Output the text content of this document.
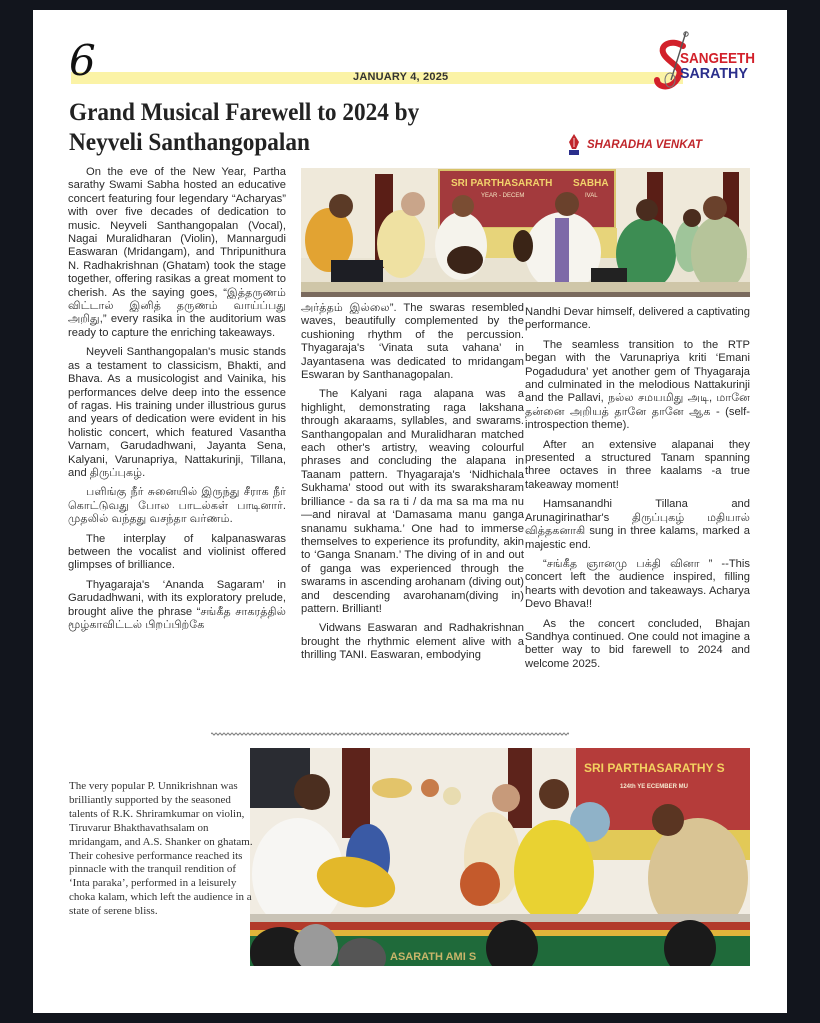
6	JANUARY 4, 2025
SANGEETH
SARATHY
Grand Musical Farewell to 2024 by Neyveli Santhangopalan	SHARADHA VENKAT
SRI PARTHASARATH SABHA
YEAR - DECEM	IVAL

On the eve of the New Year, Partha sarathy Swami Sabha hosted an educative concert featuring four legendary “Acharyas” with over five decades of dedication to music. Neyveli Santhangopalan (Vocal), Nagai Muralidharan (Violin), Mannargudi Easwaran (Mridangam), and Thripunithura N. Radhakrishnan (Ghatam) took the stage together, offering rasikas a great moment to cherish. As the saying goes, “இத்தருணம் விட்டால் இனித் தருணம் வாய்ப்பது அறிது,” every rasika in the auditorium was ready to capture the enriching takeaways.

Neyveli Santhangopalan's music stands as a testament to classicism, Bhakti, and Bhava. As a musicologist and Vainika, his performances delve deep into the essence of ragas. His training under illustrious gurus and years of dedication were evident in his holistic concert, which featured Vasantha Varnam, Garudadhwani, Jayanta Sena, Kalyani, Varunapriya, Nattakurinji, Tillana, and திருப்புகழ்.

பளிங்கு நீர் சுனையில் இருந்து சீராக நீர் கொட்டுவது போல பாடல்கள் பாடினார். முதலில் வந்தது வசந்தா வர்ணம்.

The interplay of kalpanaswaras between the vocalist and violinist offered glimpses of brilliance.

Thyagaraja's ‘Ananda Sagaram’ in Garudadhwani, with its exploratory prelude, brought alive the phrase “சங்கீத சாகரத்தில் மூழ்காவிட்டல் பிறப்பிற்கே

அர்த்தம் இல்லை”. The swaras resembled waves, beautifully complemented by the cushioning rhythm of the percussion. Thyagaraja's ‘Vinata suta vahana’ in Jayantasena was dedicated to mridangam Eswaran by Santhanagopalan.

The Kalyani raga alapana was a highlight, demonstrating raga lakshana through akaraams, syllables, and swarams. Santhangopalan and Muralidharan matched each other's artistry, weaving colourful phrases and concluding the alapana in Taanam pattern. Thyagaraja's ‘Nidhichala Sukhama’ stood out with its swaraksharam brilliance - da sa ra ti / da ma sa ma ma nu —and niraval at ‘Damasama manu ganga snanamu sukhama.’ One had to immerse themselves to experience its profundity, akin to ‘Ganga Snanam.’ The diving of in and out of ganga was experienced through the swarams in ascending arohanam (diving out) and descending avarohanam(diving in) pattern. Brilliant!

Vidwans Easwaran and Radhakrishnan brought the rhythmic element alive with a thrilling TANI. Easwaran, embodying

Nandhi Devar himself, delivered a captivating performance.

The seamless transition to the RTP began with the Varunapriya kriti ‘Emani Pogadudura’ yet another gem of Thyagaraja and culminated in the melodious Nattakurinji and the Pallavi, நல்ல சமயமிது அடி, மானே தன்னை அறியத் தானே தானே ஆக - (self-introspection theme).

After an extensive alapanai they presented a structured Tanam spanning three octaves in three kaalams -a true takeaway moment!

Hamsanandhi Tillana and Arunagirinathar's திருப்புகழ் மதியால் வித்தகனாகி sung in three kalams, marked a majestic end.

“சங்கீத ஞானமு பக்தி வினா ” --This concert left the audience inspired, filling hearts with devotion and takeaways. Acharya Devo Bhava!!

As the concert concluded, Bhajan Sandhya continued. One could not imagine a better way to bid farewell to 2024 and welcome 2025.

ASARATH AMI S
SRI PARTHASARATHY S
124th YE ECEMBER MU
The very popular P. Unnikrishnan was brilliantly supported by the seasoned talents of R.K. Shriramkumar on violin, Tiruvarur Bhakthavathsalam on mridangam, and A.S. Shanker on ghatam. Their cohesive performance reached its pinnacle with the tranquil rendition of ‘Inta paraka’, performed in a leisurely choka kalam, which left the audience in a state of serene bliss.
